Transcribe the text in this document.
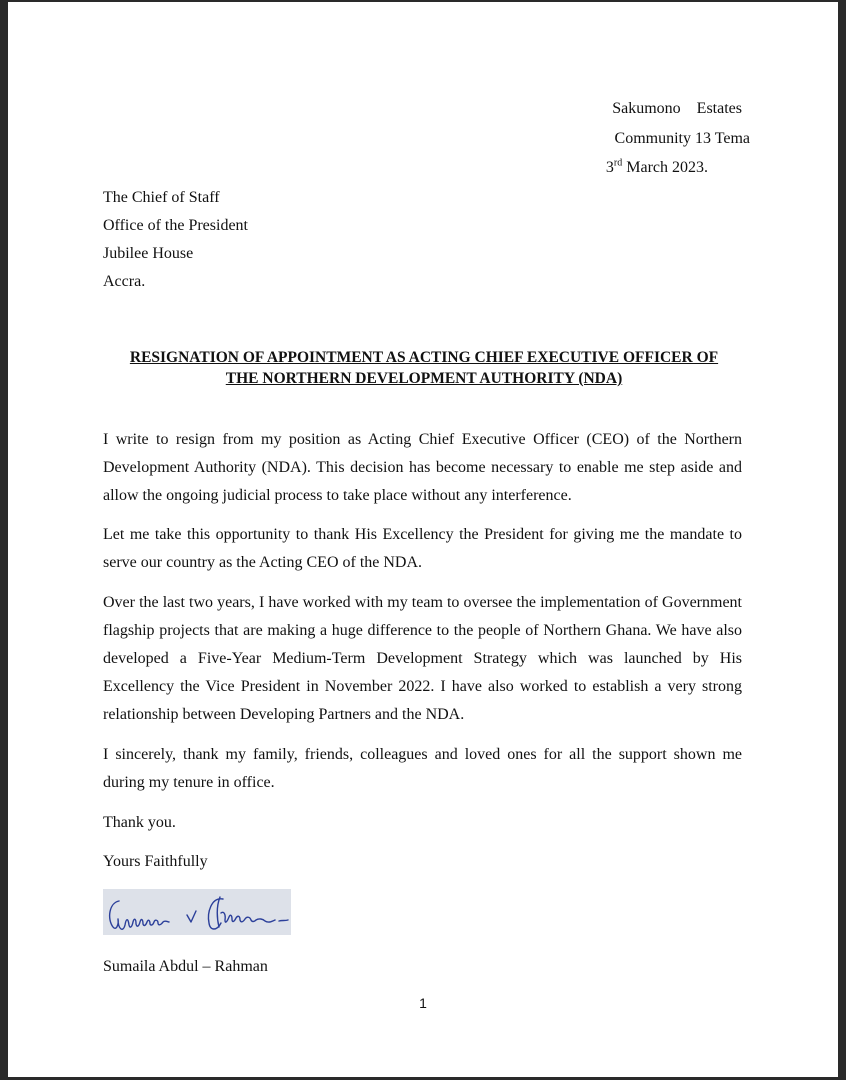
Sakumono    Estates
Community 13 Tema
3rd March 2023.
The Chief of Staff
Office of the President
Jubilee House
Accra.
RESIGNATION OF APPOINTMENT AS ACTING CHIEF EXECUTIVE OFFICER OF
THE NORTHERN DEVELOPMENT AUTHORITY (NDA)
I write to resign from my position as Acting Chief Executive Officer (CEO) of the Northern Development Authority (NDA). This decision has become necessary to enable me step aside and allow the ongoing judicial process to take place without any interference.
Let me take this opportunity to thank His Excellency the President for giving me the mandate to serve our country as the Acting CEO of the NDA.
Over the last two years, I have worked with my team to oversee the implementation of Government flagship projects that are making a huge difference to the people of Northern Ghana. We have also developed a Five-Year Medium-Term Development Strategy which was launched by His Excellency the Vice President in November 2022. I have also worked to establish a very strong relationship between Developing Partners and the NDA.
I sincerely, thank my family, friends, colleagues and loved ones for all the support shown me during my tenure in office.
Thank you.
Yours Faithfully
Sumaila Abdul – Rahman
1
